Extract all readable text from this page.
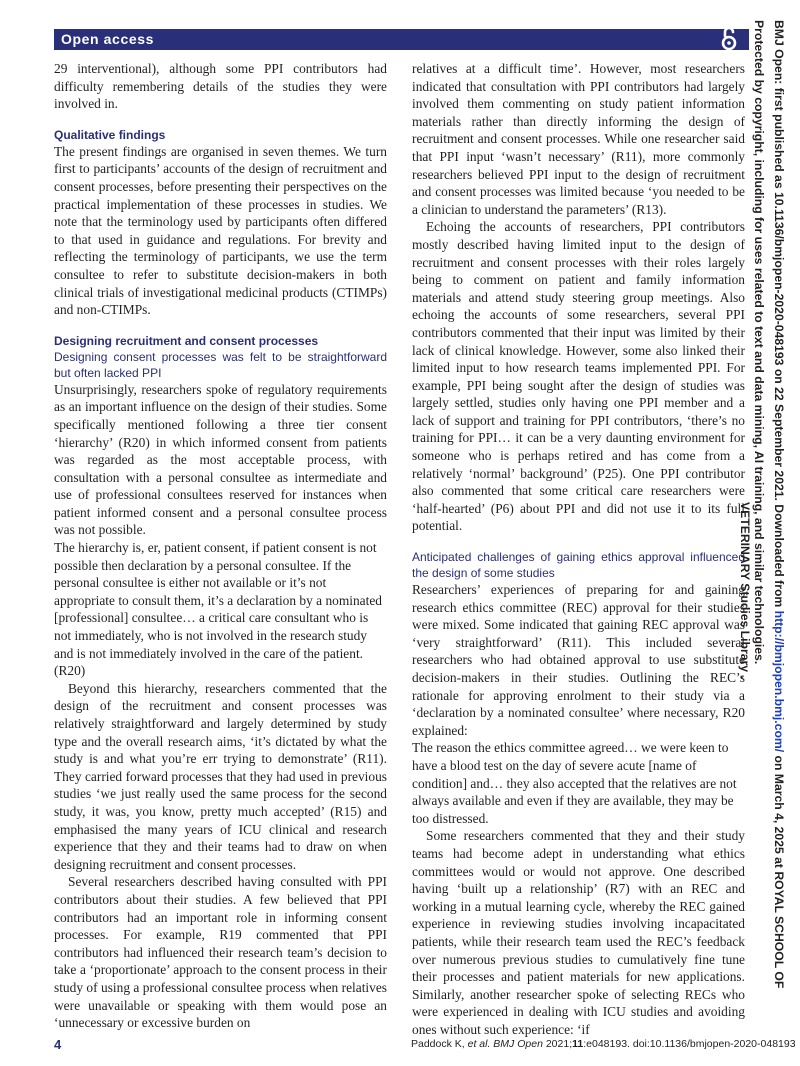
Open access

29 interventional), although some PPI contributors had difficulty remembering details of the studies they were involved in.

Qualitative findings

The present findings are organised in seven themes. We turn first to participants’ accounts of the design of recruitment and consent processes, before presenting their perspectives on the practical implementation of these processes in studies. We note that the terminology used by participants often differed to that used in guidance and regulations. For brevity and reflecting the terminology of participants, we use the term consultee to refer to substitute decision-makers in both clinical trials of investigational medicinal products (CTIMPs) and non-CTIMPs.

Designing recruitment and consent processes
Designing consent processes was felt to be straightforward but often lacked PPI

Unsurprisingly, researchers spoke of regulatory requirements as an important influence on the design of their studies. Some specifically mentioned following a three tier consent ‘hierarchy’ (R20) in which informed consent from patients was regarded as the most acceptable process, with consultation with a personal consultee as intermediate and use of professional consultees reserved for instances when patient informed consent and a personal consultee process was not possible.

The hierarchy is, er, patient consent, if patient consent is not possible then declaration by a personal consultee. If the personal consultee is either not available or it’s not appropriate to consult them, it’s a declaration by a nominated [professional] consultee… a critical care consultant who is not immediately, who is not involved in the research study and is not immediately involved in the care of the patient. (R20)

Beyond this hierarchy, researchers commented that the design of the recruitment and consent processes was relatively straightforward and largely determined by study type and the overall research aims, ‘it’s dictated by what the study is and what you’re err trying to demonstrate’ (R11). They carried forward processes that they had used in previous studies ‘we just really used the same process for the second study, it was, you know, pretty much accepted’ (R15) and emphasised the many years of ICU clinical and research experience that they and their teams had to draw on when designing recruitment and consent processes.

Several researchers described having consulted with PPI contributors about their studies. A few believed that PPI contributors had an important role in informing consent processes. For example, R19 commented that PPI contributors had influenced their research team’s decision to take a ‘proportionate’ approach to the consent process in their study of using a professional consultee process when relatives were unavailable or speaking with them would pose an ‘unnecessary or excessive burden on

relatives at a difficult time’. However, most researchers indicated that consultation with PPI contributors had largely involved them commenting on study patient information materials rather than directly informing the design of recruitment and consent processes. While one researcher said that PPI input ‘wasn’t necessary’ (R11), more commonly researchers believed PPI input to the design of recruitment and consent processes was limited because ‘you needed to be a clinician to understand the parameters’ (R13).

Echoing the accounts of researchers, PPI contributors mostly described having limited input to the design of recruitment and consent processes with their roles largely being to comment on patient and family information materials and attend study steering group meetings. Also echoing the accounts of some researchers, several PPI contributors commented that their input was limited by their lack of clinical knowledge. However, some also linked their limited input to how research teams implemented PPI. For example, PPI being sought after the design of studies was largely settled, studies only having one PPI member and a lack of support and training for PPI contributors, ‘there’s no training for PPI… it can be a very daunting environment for someone who is perhaps retired and has come from a relatively ‘normal’ background’ (P25). One PPI contributor also commented that some critical care researchers were ‘half-hearted’ (P6) about PPI and did not use it to its full potential.

Anticipated challenges of gaining ethics approval influenced the design of some studies

Researchers’ experiences of preparing for and gaining research ethics committee (REC) approval for their studies were mixed. Some indicated that gaining REC approval was ‘very straightforward’ (R11). This included several researchers who had obtained approval to use substitute decision-makers in their studies. Outlining the REC’s rationale for approving enrolment to their study via a ‘declaration by a nominated consultee’ where necessary, R20 explained:

The reason the ethics committee agreed… we were keen to have a blood test on the day of severe acute [name of condition] and… they also accepted that the relatives are not always available and even if they are available, they may be too distressed.

Some researchers commented that they and their study teams had become adept in understanding what ethics committees would or would not approve. One described having ‘built up a relationship’ (R7) with an REC and working in a mutual learning cycle, whereby the REC gained experience in reviewing studies involving incapacitated patients, while their research team used the REC’s feedback over numerous previous studies to cumulatively fine tune their processes and patient materials for new applications. Similarly, another researcher spoke of selecting RECs who were experienced in dealing with ICU studies and avoiding ones without such experience: ‘if

4	Paddock K, et al. BMJ Open 2021;11:e048193. doi:10.1136/bmjopen-2020-048193
BMJ Open: first published as 10.1136/bmjopen-2020-048193 on 22 September 2021. Downloaded from http://bmjopen.bmj.com/ on March 4, 2025 at ROYAL SCHOOL OF
Protected by copyright, including for uses related to text and data mining, AI training, and similar technologies.
VETERINARY Studies Library .
